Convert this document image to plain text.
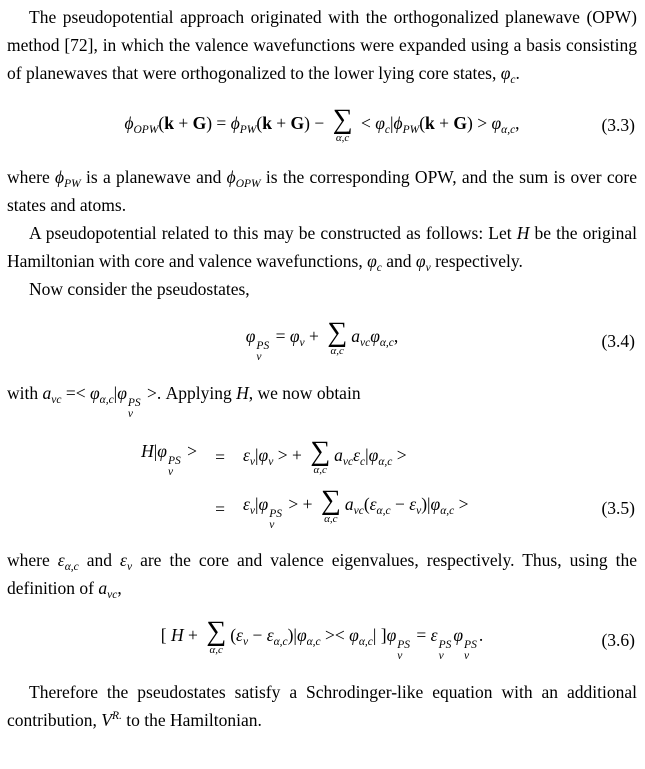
The pseudopotential approach originated with the orthogonalized planewave (OPW) method [72], in which the valence wavefunctions were expanded using a basis consisting of planewaves that were orthogonalized to the lower lying core states, $\varphi_c$.

$\phi_{OPW}(k + G) = \phi_{PW}(k + G)$ − ∑
α,c
< $\varphi_c|\phi_{PW}(k + G) > \varphi_{\alpha,c}$,	(3.3)

where $\phi_{PW}$ is a planewave and $\phi_{OPW}$ is the corresponding OPW, and the sum is over core states and atoms.

A pseudopotential related to this may be constructed as follows: Let H be the original Hamiltonian with core and valence wavefunctions, $\varphi_c$ and $\varphi_v$ respectively.

Now consider the pseudostates,

φ PS
v
= $\varphi_v$ + ∑
α,c
$a_{vc}\varphi_{\alpha,c}$,	(3.4)

with $a_{vc} =< \varphi_{\alpha,c}|\varphi$ PS
v
>. Applying H, we now obtain

H|φ PS
v
>	=	$\varepsilon_v|\varphi_v$ > + ∑
α,c
$a_{vc}\varepsilon_c|\varphi_{\alpha,c}$ >
=	$\varepsilon_v|\varphi$ PS
v
> + ∑
α,c
$a_{vc}(\varepsilon_{\alpha,c} - \varepsilon_v)|\varphi_{\alpha,c}$ >	(3.5)

where $\varepsilon_{\alpha,c}$ and $\varepsilon_v$ are the core and valence eigenvalues, respectively. Thus, using the definition of $a_{vc}$,

[ H + ∑
α,c
$(\varepsilon_v - \varepsilon_{\alpha,c})|\varphi_{\alpha,c} >< \varphi_{\alpha,c}|$ ]φ PS
v
= ε PS
v
φ PS
v
.	(3.6)

Therefore the pseudostates satisfy a Schrodinger-like equation with an additional contribution, $V^{R.}$ to the Hamiltonian.
